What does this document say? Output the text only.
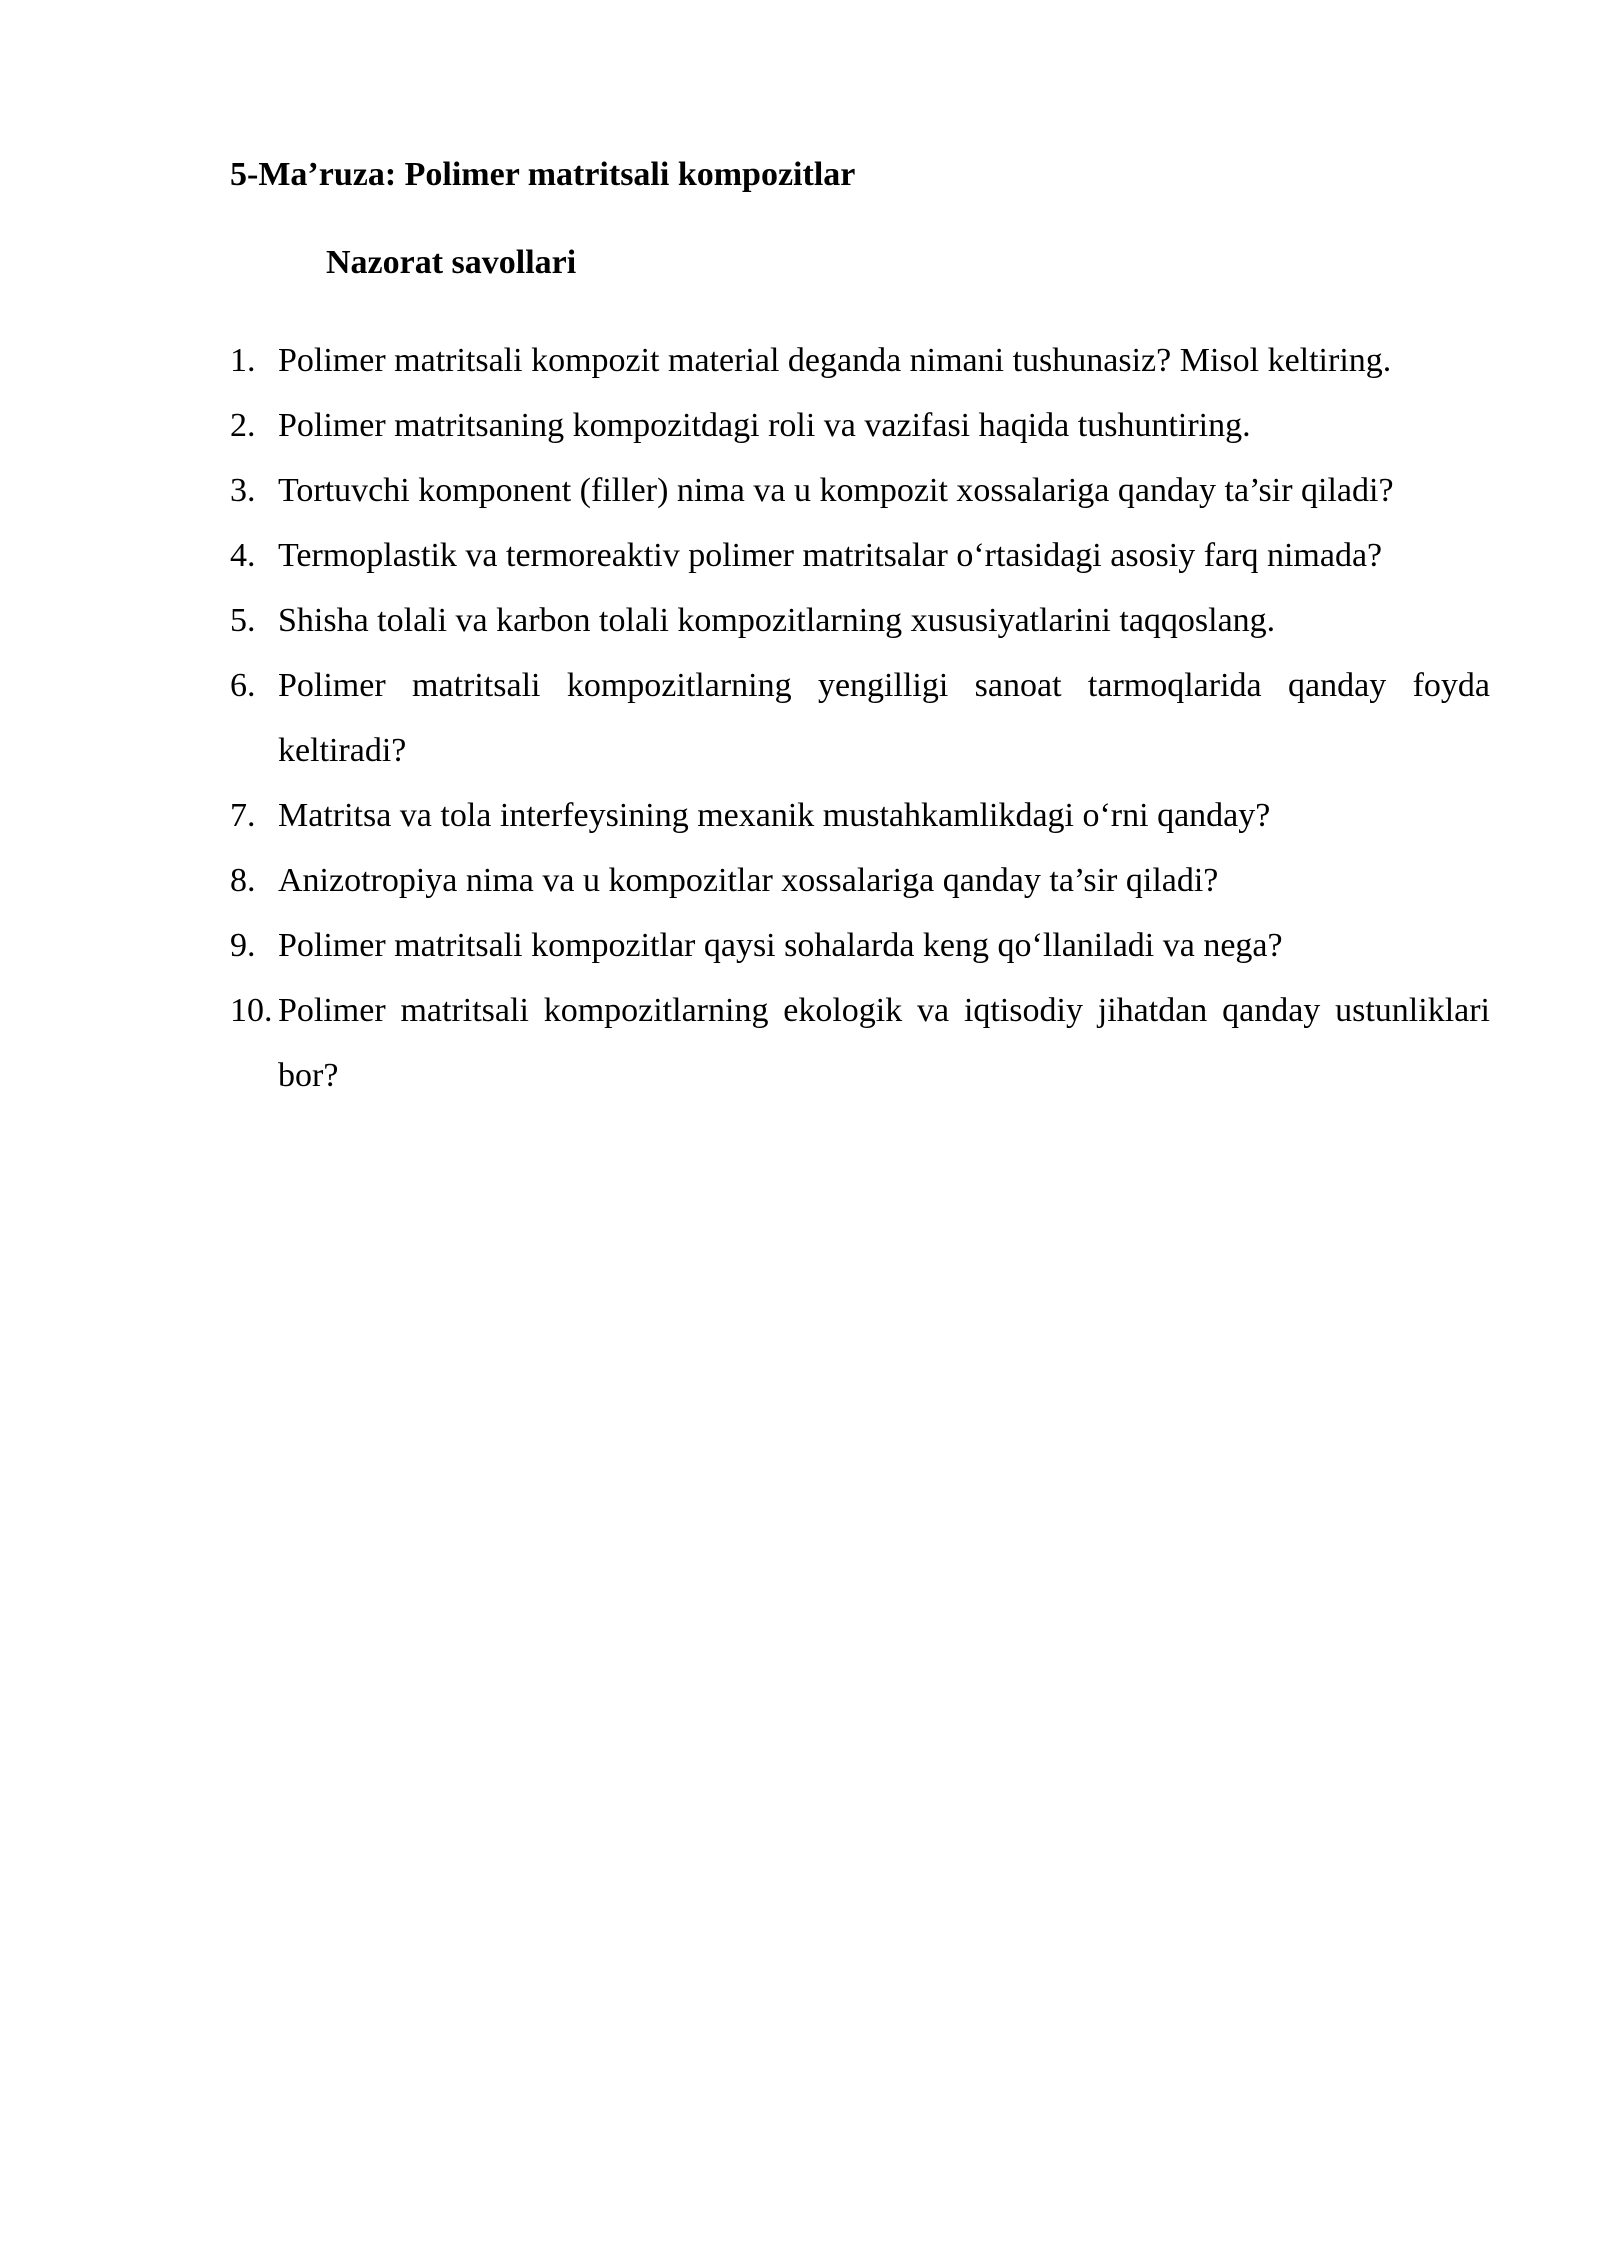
5-Ma’ruza: Polimer matritsali kompozitlar
Nazorat savollari
1. Polimer matritsali kompozit material deganda nimani tushunasiz? Misol keltiring.
2. Polimer matritsaning kompozitdagi roli va vazifasi haqida tushuntiring.
3. Tortuvchi komponent (filler) nima va u kompozit xossalariga qanday ta’sir qiladi?
4. Termoplastik va termoreaktiv polimer matritsalar o‘rtasidagi asosiy farq nimada?
5. Shisha tolali va karbon tolali kompozitlarning xususiyatlarini taqqoslang.
6. Polimer matritsali kompozitlarning yengilligi sanoat tarmoqlarida qanday foyda keltiradi?
7. Matritsa va tola interfeysining mexanik mustahkamlikdagi o‘rni qanday?
8. Anizotropiya nima va u kompozitlar xossalariga qanday ta’sir qiladi?
9. Polimer matritsali kompozitlar qaysi sohalarda keng qo‘llaniladi va nega?
10. Polimer matritsali kompozitlarning ekologik va iqtisodiy jihatdan qanday ustunliklari bor?
